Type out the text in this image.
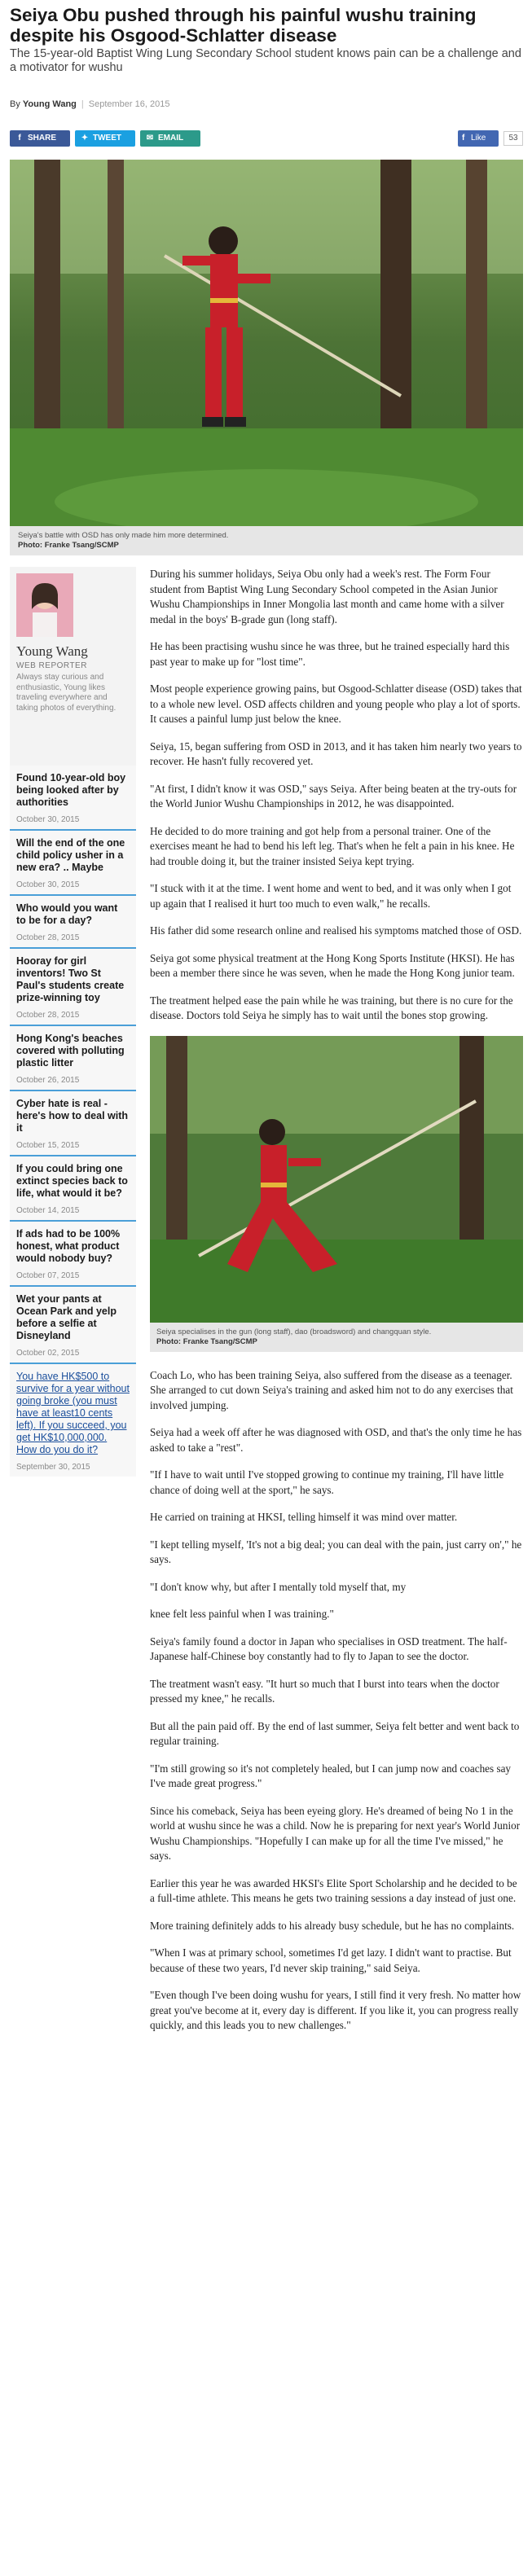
Seiya Obu pushed through his painful wushu training despite his Osgood-Schlatter disease
The 15-year-old Baptist Wing Lung Secondary School student knows pain can be a challenge and a motivator for wushu
By Young Wang | September 16, 2015
f SHARE	✦ TWEET	✉ EMAIL
f	Like	53
Seiya's battle with OSD has only made him more determined.
Photo: Franke Tsang/SCMP
Young Wang
WEB REPORTER
Always stay curious and enthusiastic, Young likes traveling everywhere and taking photos of everything.
Found 10-year-old boy being looked after by authorities
October 30, 2015
Will the end of the one child policy usher in a new era? .. Maybe
October 30, 2015
Who would you want to be for a day?
October 28, 2015
Hooray for girl inventors! Two St Paul's students create prize-winning toy
October 28, 2015
Hong Kong's beaches covered with polluting plastic litter
October 26, 2015
Cyber hate is real - here's how to deal with it
October 15, 2015
If you could bring one extinct species back to life, what would it be?
October 14, 2015
If ads had to be 100% honest, what product would nobody buy?
October 07, 2015
Wet your pants at Ocean Park and yelp before a selfie at Disneyland
October 02, 2015
You have HK$500 to survive for a year without going broke (you must have at least10 cents left). If you succeed, you get HK$10,000,000. How do you do it?
September 30, 2015

During his summer holidays, Seiya Obu only had a week's rest. The Form Four student from Baptist Wing Lung Secondary School competed in the Asian Junior Wushu Championships in Inner Mongolia last month and came home with a silver medal in the boys' B-grade gun (long staff).

He has been practising wushu since he was three, but he trained especially hard this past year to make up for "lost time".

Most people experience growing pains, but Osgood-Schlatter disease (OSD) takes that to a whole new level. OSD affects children and young people who play a lot of sports. It causes a painful lump just below the knee.

Seiya, 15, began suffering from OSD in 2013, and it has taken him nearly two years to recover. He hasn't fully recovered yet.

"At first, I didn't know it was OSD," says Seiya. After being beaten at the try-outs for the World Junior Wushu Championships in 2012, he was disappointed.

He decided to do more training and got help from a personal trainer. One of the exercises meant he had to bend his left leg. That's when he felt a pain in his knee. He had trouble doing it, but the trainer insisted Seiya kept trying.

"I stuck with it at the time. I went home and went to bed, and it was only when I got up again that I realised it hurt too much to even walk," he recalls.

His father did some research online and realised his symptoms matched those of OSD.

Seiya got some physical treatment at the Hong Kong Sports Institute (HKSI). He has been a member there since he was seven, when he made the Hong Kong junior team.

The treatment helped ease the pain while he was training, but there is no cure for the disease. Doctors told Seiya he simply has to wait until the bones stop growing.

Seiya specialises in the gun (long staff), dao (broadsword) and changquan style.
Photo: Franke Tsang/SCMP

Coach Lo, who has been training Seiya, also suffered from the disease as a teenager. She arranged to cut down Seiya's training and asked him not to do any exercises that involved jumping.

Seiya had a week off after he was diagnosed with OSD, and that's the only time he has asked to take a "rest".

"If I have to wait until I've stopped growing to continue my training, I'll have little chance of doing well at the sport," he says.

He carried on training at HKSI, telling himself it was mind over matter.

"I kept telling myself, 'It's not a big deal; you can deal with the pain, just carry on'," he says.

"I don't know why, but after I mentally told myself that, my

knee felt less painful when I was training."

Seiya's family found a doctor in Japan who specialises in OSD treatment. The half-Japanese half-Chinese boy constantly had to fly to Japan to see the doctor.

The treatment wasn't easy. "It hurt so much that I burst into tears when the doctor pressed my knee," he recalls.

But all the pain paid off. By the end of last summer, Seiya felt better and went back to regular training.

"I'm still growing so it's not completely healed, but I can jump now and coaches say I've made great progress."

Since his comeback, Seiya has been eyeing glory. He's dreamed of being No 1 in the world at wushu since he was a child. Now he is preparing for next year's World Junior Wushu Championships. "Hopefully I can make up for all the time I've missed," he says.

Earlier this year he was awarded HKSI's Elite Sport Scholarship and he decided to be a full-time athlete. This means he gets two training sessions a day instead of just one.

More training definitely adds to his already busy schedule, but he has no complaints.

"When I was at primary school, sometimes I'd get lazy. I didn't want to practise. But because of these two years, I'd never skip training," said Seiya.

"Even though I've been doing wushu for years, I still find it very fresh. No matter how great you've become at it, every day is different. If you like it, you can progress really quickly, and this leads you to new challenges."
